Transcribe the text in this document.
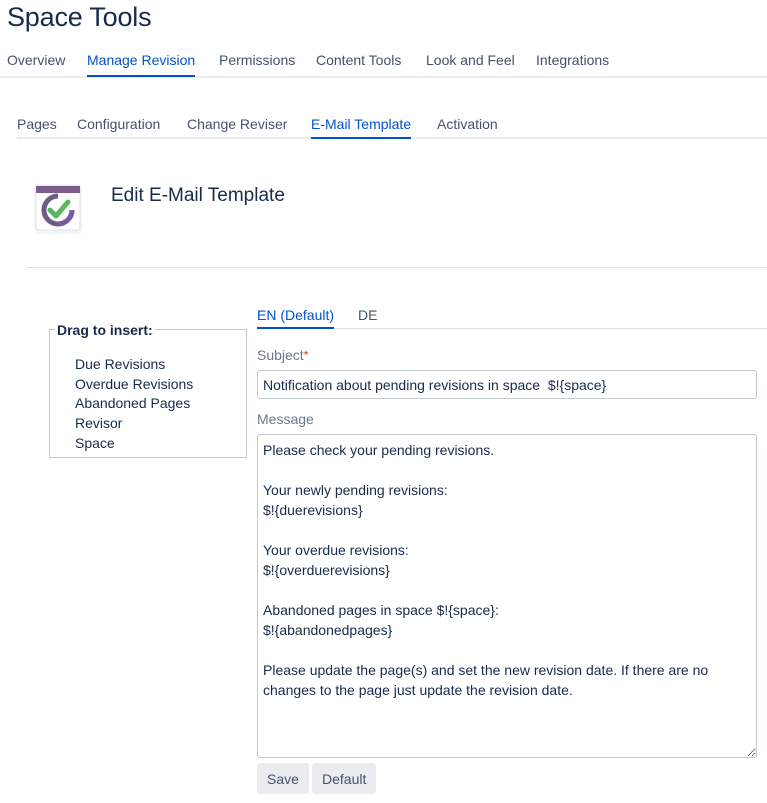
Space Tools
Overview Manage Revision Permissions Content Tools Look and Feel Integrations
Pages Configuration Change Reviser E-Mail Template Activation
Edit E-Mail Template
Drag to insert:
Due Revisions
Overdue Revisions
Abandoned Pages
Revisor
Space
EN (Default) DE
Subject*
Notification about pending revisions in space $!{space}
Message
Please check your pending revisions. Your newly pending revisions: $!{duerevisions} Your overdue revisions: $!{overduerevisions} Abandoned pages in space $!{space}: $!{abandonedpages} Please update the page(s) and set the new revision date. If there are no changes to the page just update the revision date.
Save	Default
